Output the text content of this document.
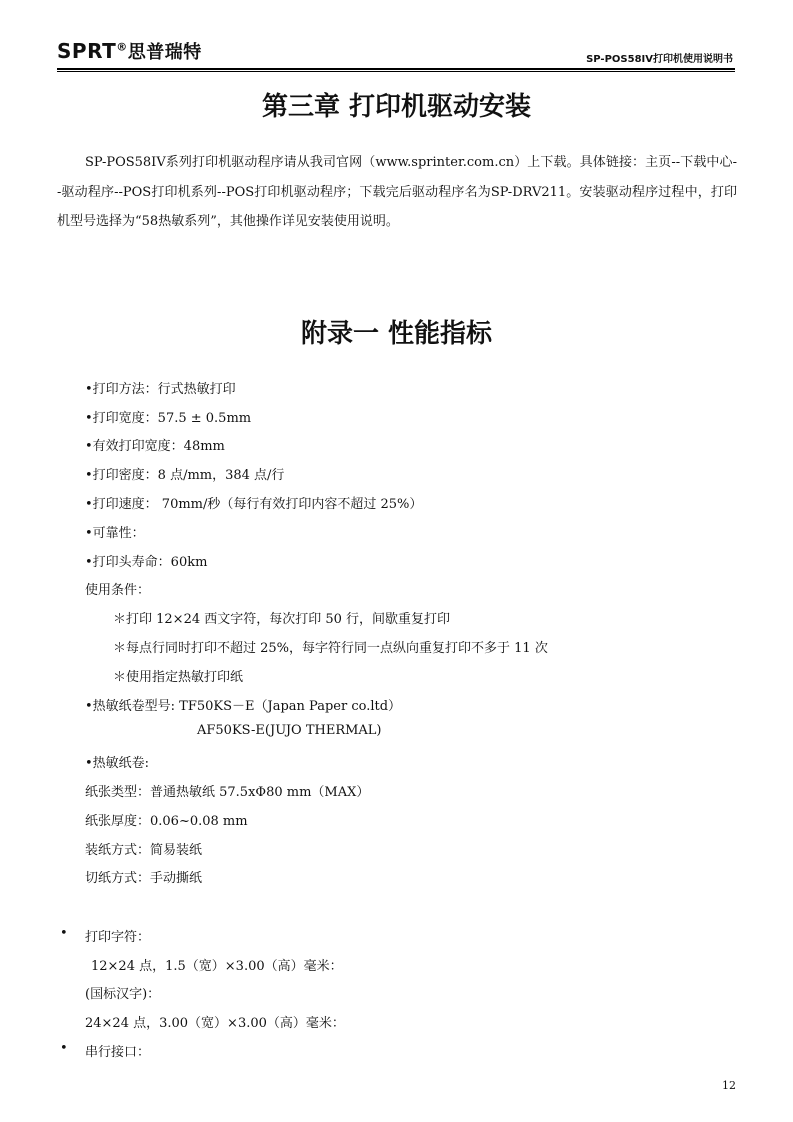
SPRT®思普瑞特	SP-POS58IV打印机使用说明书
第三章 打印机驱动安装
SP-POS58IV系列打印机驱动程序请从我司官网（www.sprinter.com.cn）上下载。具体链接：主页--下载中心--驱动程序--POS打印机系列--POS打印机驱动程序；下载完后驱动程序名为SP-DRV211。安装驱动程序过程中，打印机型号选择为“58热敏系列”，其他操作详见安装使用说明。
附录一 性能指标
•打印方法：行式热敏打印
•打印宽度：57.5 ± 0.5mm
•有效打印宽度：48mm
•打印密度：8 点/mm，384 点/行
•打印速度： 70mm/秒（每行有效打印内容不超过 25%）
•可靠性：
•打印头寿命：60km
使用条件：
＊打印 12×24 西文字符，每次打印 50 行，间歇重复打印
＊每点行同时打印不超过 25%，每字符行同一点纵向重复打印不多于 11 次
＊使用指定热敏打印纸
•热敏纸卷型号: TF50KS－E（Japan Paper co.ltd）
AF50KS-E(JUJO THERMAL)
•热敏纸卷:
纸张类型：普通热敏纸 57.5xΦ80 mm（MAX）
纸张厚度：0.06~0.08 mm
装纸方式：简易装纸
切纸方式：手动撕纸
• 打印字符：
12×24 点，1.5（宽）×3.00（高）毫米：
(国标汉字)：
24×24 点，3.00（宽）×3.00（高）毫米：
• 串行接口：
12
